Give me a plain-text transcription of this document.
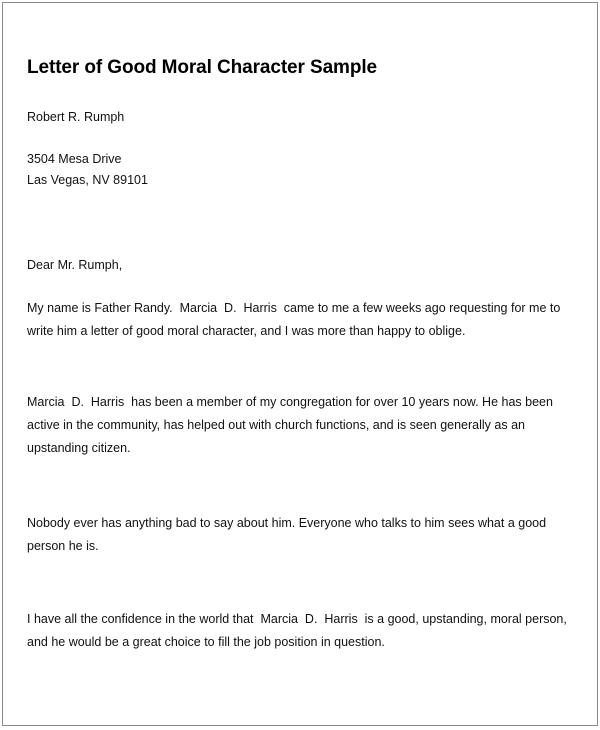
Letter of Good Moral Character Sample

Robert R. Rumph

3504 Mesa Drive

Las Vegas, NV 89101

Dear Mr. Rumph,

My name is Father Randy.  Marcia  D.  Harris  came to me a few weeks ago requesting for me to write him a letter of good moral character, and I was more than happy to oblige.

Marcia  D.  Harris  has been a member of my congregation for over 10 years now. He has been active in the community, has helped out with church functions, and is seen generally as an upstanding citizen.

Nobody ever has anything bad to say about him. Everyone who talks to him sees what a good person he is.

I have all the confidence in the world that  Marcia  D.  Harris  is a good, upstanding, moral person, and he would be a great choice to fill the job position in question.
